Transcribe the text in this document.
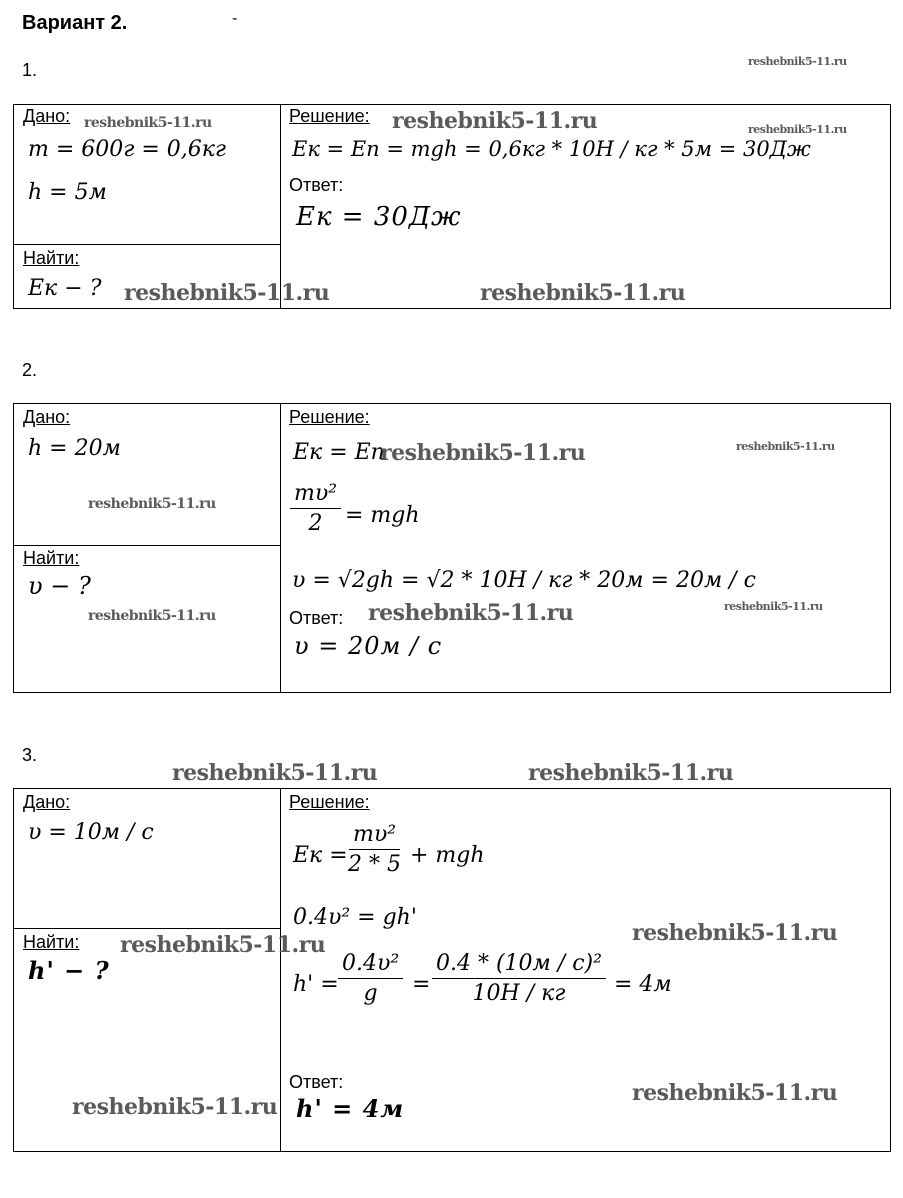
Вариант 2.	-
1.	reshebnik5-11.ru
Дано:
m = 600г = 0,6кг
h = 5м
Найти:
Eк − ?
Решение:
Eк = Eп = mgh = 0,6кг * 10Н / кг * 5м = 30Дж
Ответ:
Eк = 30Дж
reshebnik5-11.ru	reshebnik5-11.ru	reshebnik5-11.ru
reshebnik5-11.ru	reshebnik5-11.ru
2.
Дано:
h = 20м
Найти:
υ − ?
Решение:
Eк = Eп
$\frac{\text{mυ²}}{2}$ = mgh
υ = √2gh = √2 * 10Н / кг * 20м = 20м / с
Ответ:
υ = 20м / с
reshebnik5-11.ru	reshebnik5-11.ru
reshebnik5-11.ru
reshebnik5-11.ru	reshebnik5-11.ru	reshebnik5-11.ru
3.
reshebnik5-11.ru	reshebnik5-11.ru
Дано:
υ = 10м / с
Найти:
h' − ?
Решение:
Eк = $\frac{\text{mυ²}}{2 * 5}$ + mgh
0.4υ² = gh'
$h' = \frac{\text{0.4υ²}}{g}$ =
0.4 * (10м / с)²
10Н / кг = 4м
Ответ:
h' = 4м
reshebnik5-11.ru	reshebnik5-11.ru
reshebnik5-11.ru
reshebnik5-11.ru
